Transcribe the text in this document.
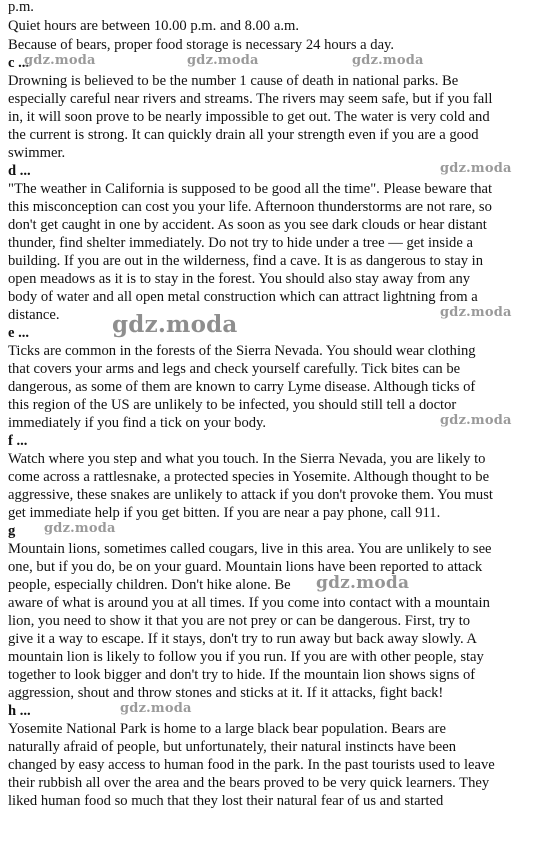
p.m.
Quiet hours are between 10.00 p.m. and 8.00 a.m.
Because of bears, proper food storage is necessary 24 hours a day.
c ...
Drowning is believed to be the number 1 cause of death in national parks. Be
especially careful near rivers and streams. The rivers may seem safe, but if you fall
in, it will soon prove to be nearly impossible to get out. The water is very cold and
the current is strong. It can quickly drain all your strength even if you are a good
swimmer.
d ...
"The weather in California is supposed to be good all the time". Please beware that
this misconception can cost you your life. Afternoon thunderstorms are not rare, so
don't get caught in one by accident. As soon as you see dark clouds or hear distant
thunder, find shelter immediately. Do not try to hide under a tree — get inside a
building. If you are out in the wilderness, find a cave. It is as dangerous to stay in
open meadows as it is to stay in the forest. You should also stay away from any
body of water and all open metal construction which can attract lightning from a
distance.
e ...
Ticks are common in the forests of the Sierra Nevada. You should wear clothing
that covers your arms and legs and check yourself carefully. Tick bites can be
dangerous, as some of them are known to carry Lyme disease. Although ticks of
this region of the US are unlikely to be infected, you should still tell a doctor
immediately if you find a tick on your body.
f ...
Watch where you step and what you touch. In the Sierra Nevada, you are likely to
come across a rattlesnake, a protected species in Yosemite. Although thought to be
aggressive, these snakes are unlikely to attack if you don't provoke them. You must
get immediate help if you get bitten. If you are near a pay phone, call 911.
g
Mountain lions, sometimes called cougars, live in this area. You are unlikely to see
one, but if you do, be on your guard. Mountain lions have been reported to attack
people, especially children. Don't hike alone. Be
aware of what is around you at all times. If you come into contact with a mountain
lion, you need to show it that you are not prey or can be dangerous. First, try to
give it a way to escape. If it stays, don't try to run away but back away slowly. A
mountain lion is likely to follow you if you run. If you are with other people, stay
together to look bigger and don't try to hide. If the mountain lion shows signs of
aggression, shout and throw stones and sticks at it. If it attacks, fight back!
h ...
Yosemite National Park is home to a large black bear population. Bears are
naturally afraid of people, but unfortunately, their natural instincts have been
changed by easy access to human food in the park. In the past tourists used to leave
their rubbish all over the area and the bears proved to be very quick learners. They
liked human food so much that they lost their natural fear of us and started
gdz.moda	gdz.moda	gdz.moda
gdz.moda
gdz.moda
gdz.moda
gdz.moda
gdz.moda
gdz.moda
gdz.moda
